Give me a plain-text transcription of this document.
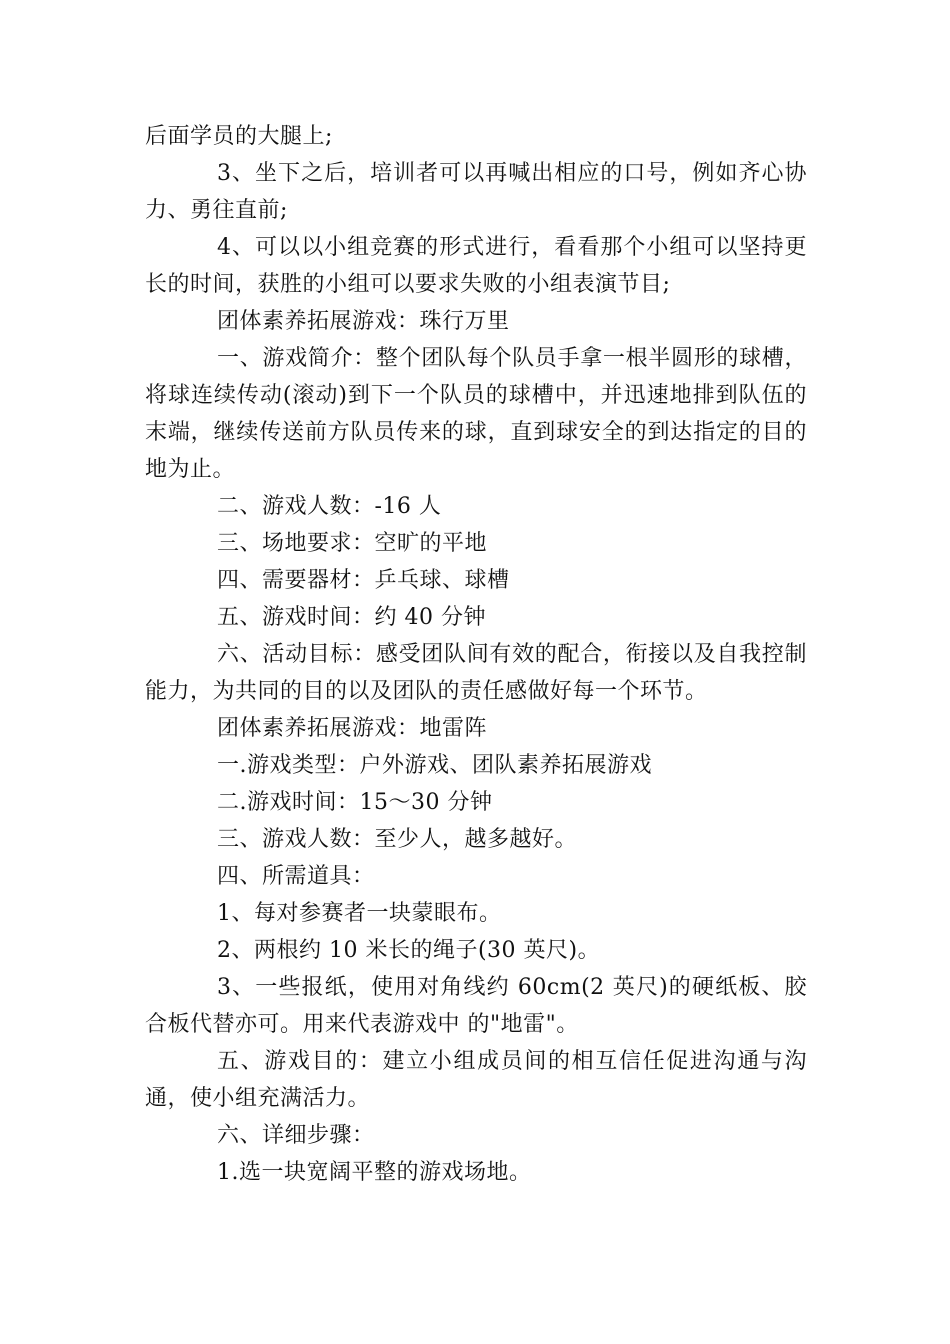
后面学员的大腿上;

3、坐下之后，培训者可以再喊出相应的口号，例如齐心协力、勇往直前;

4、可以以小组竞赛的形式进行，看看那个小组可以坚持更长的时间，获胜的小组可以要求失败的小组表演节目;

团体素养拓展游戏：珠行万里

一、游戏简介：整个团队每个队员手拿一根半圆形的球槽，将球连续传动(滚动)到下一个队员的球槽中，并迅速地排到队伍的末端，继续传送前方队员传来的球，直到球安全的到达指定的目的地为止。

二、游戏人数：-16 人

三、场地要求：空旷的平地

四、需要器材：乒乓球、球槽

五、游戏时间：约 40 分钟

六、活动目标：感受团队间有效的配合，衔接以及自我控制能力，为共同的目的以及团队的责任感做好每一个环节。

团体素养拓展游戏：地雷阵

一.游戏类型：户外游戏、团队素养拓展游戏

二.游戏时间：15～30 分钟

三、游戏人数：至少人，越多越好。

四、所需道具：

1、每对参赛者一块蒙眼布。

2、两根约 10 米长的绳子(30 英尺)。

3、一些报纸，使用对角线约 60cm(2 英尺)的硬纸板、胶合板代替亦可。用来代表游戏中 的"地雷"。

五、游戏目的：建立小组成员间的相互信任促进沟通与沟通，使小组充满活力。

六、详细步骤：

1.选一块宽阔平整的游戏场地。
